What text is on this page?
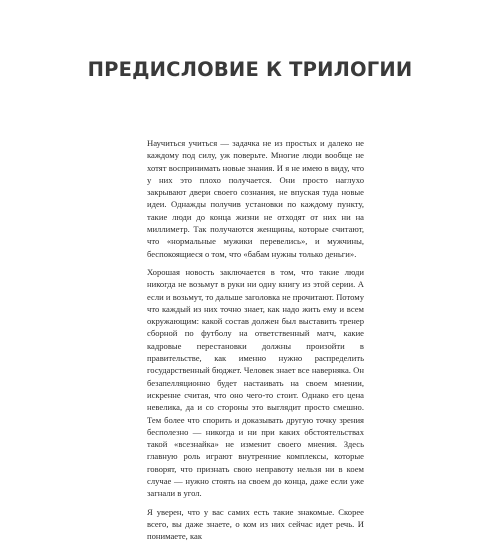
ПРЕДИСЛОВИЕ К ТРИЛОГИИ

Научиться учиться — задачка не из простых и далеко не каждому под силу, уж поверьте. Многие люди вообще не хотят воспринимать новые знания. И я не имею в виду, что у них это плохо получается. Они просто наглухо закрывают двери своего сознания, не впуская туда новые идеи. Однажды получив установки по каждому пункту, такие люди до конца жизни не отходят от них ни на миллиметр. Так получаются женщины, которые считают, что «нормальные мужики перевелись», и мужчины, беспокоящиеся о том, что «бабам нужны только деньги».

Хорошая новость заключается в том, что такие люди никогда не возьмут в руки ни одну книгу из этой серии. А если и возьмут, то дальше заголовка не прочитают. Потому что каждый из них точно знает, как надо жить ему и всем окружающим: какой состав должен был выставить тренер сборной по футболу на ответственный матч, какие кадровые перестановки должны произойти в правительстве, как именно нужно распределить государственный бюджет. Человек знает все наверняка. Он безапелляционно будет настаивать на своем мнении, искренне считая, что оно чего-то стоит. Однако его цена невелика, да и со стороны это выглядит просто смешно. Тем более что спорить и доказывать другую точку зрения бесполезно — никогда и ни при каких обстоятельствах такой «всезнайка» не изменит своего мнения. Здесь главную роль играют внутренние комплексы, которые говорят, что признать свою неправоту нельзя ни в коем случае — нужно стоять на своем до конца, даже если уже загнали в угол.

Я уверен, что у вас самих есть такие знакомые. Скорее всего, вы даже знаете, о ком из них сейчас идет речь. И понимаете, как
